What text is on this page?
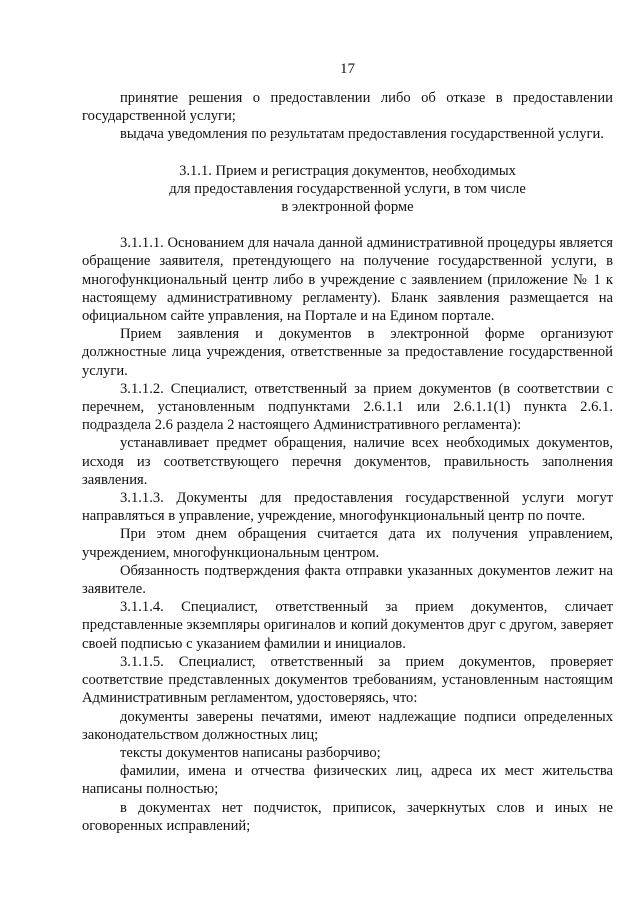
17

принятие решения о предоставлении либо об отказе в предоставлении государственной услуги;

выдача уведомления по результатам предоставления государственной услуги.

3.1.1. Прием и регистрация документов, необходимых

для предоставления государственной услуги, в том числе

в электронной форме

3.1.1.1. Основанием для начала данной административной процедуры является обращение заявителя, претендующего на получение государственной услуги, в многофункциональный центр либо в учреждение с заявлением (приложение № 1 к настоящему административному регламенту). Бланк заявления размещается на официальном сайте управления, на Портале и на Едином портале.

Прием заявления и документов в электронной форме организуют должностные лица учреждения, ответственные за предоставление государственной услуги.

3.1.1.2. Специалист, ответственный за прием документов (в соответствии с перечнем, установленным подпунктами 2.6.1.1 или 2.6.1.1(1) пункта 2.6.1. подраздела 2.6 раздела 2 настоящего Административного регламента):

устанавливает предмет обращения, наличие всех необходимых документов, исходя из соответствующего перечня документов, правильность заполнения заявления.

3.1.1.3. Документы для предоставления государственной услуги могут направляться в управление, учреждение, многофункциональный центр по почте.

При этом днем обращения считается дата их получения управлением, учреждением, многофункциональным центром.

Обязанность подтверждения факта отправки указанных документов лежит на заявителе.

3.1.1.4. Специалист, ответственный за прием документов, сличает представленные экземпляры оригиналов и копий документов друг с другом, заверяет своей подписью с указанием фамилии и инициалов.

3.1.1.5. Специалист, ответственный за прием документов, проверяет соответствие представленных документов требованиям, установленным настоящим Административным регламентом, удостоверяясь, что:

документы заверены печатями, имеют надлежащие подписи определенных законодательством должностных лиц;

тексты документов написаны разборчиво;

фамилии, имена и отчества физических лиц, адреса их мест жительства написаны полностью;

в документах нет подчисток, приписок, зачеркнутых слов и иных не оговоренных исправлений;
